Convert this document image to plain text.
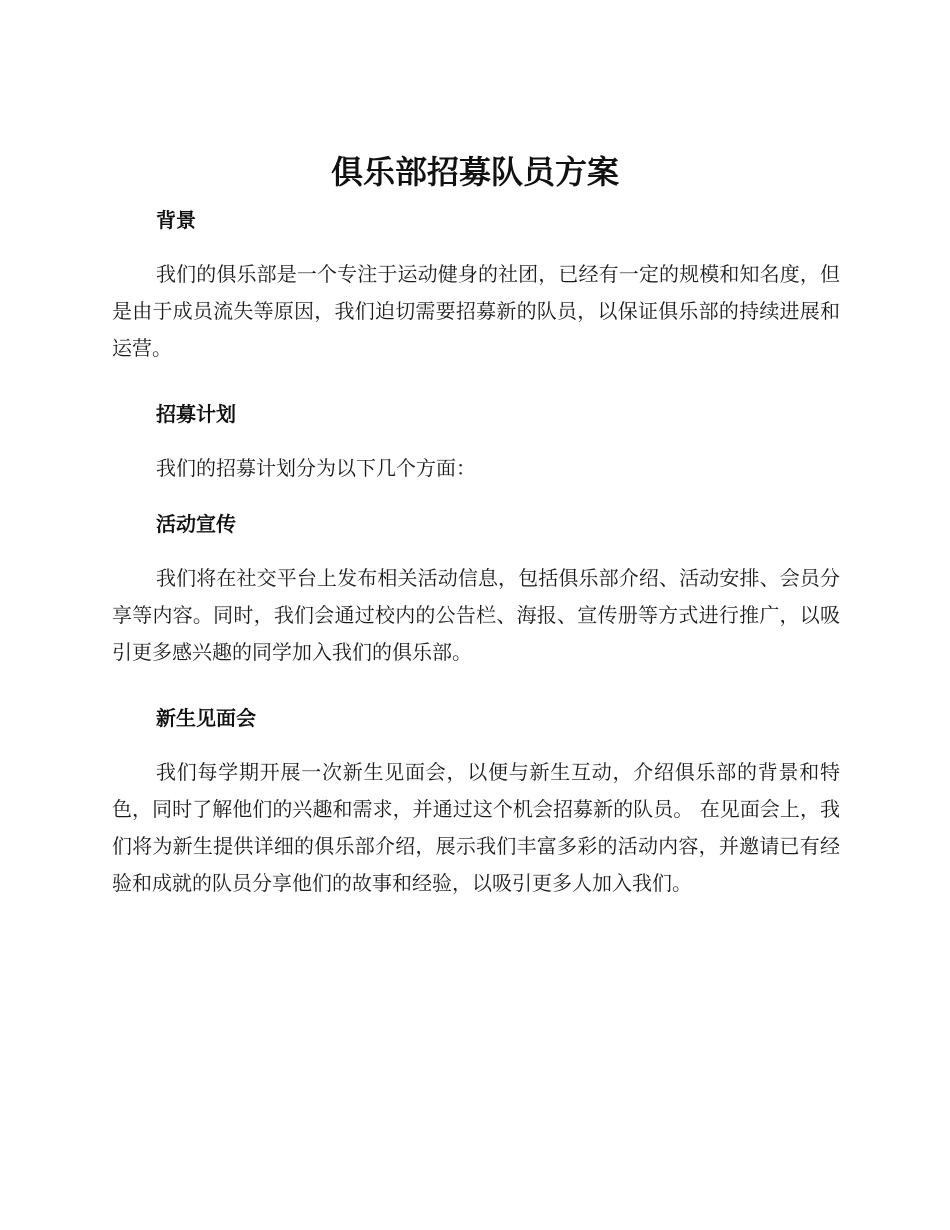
俱乐部招募队员方案
背景

我们的俱乐部是一个专注于运动健身的社团，已经有一定的规模和知名度，但是由于成员流失等原因，我们迫切需要招募新的队员，以保证俱乐部的持续进展和运营。

招募计划

我们的招募计划分为以下几个方面：

活动宣传

我们将在社交平台上发布相关活动信息，包括俱乐部介绍、活动安排、会员分享等内容。同时，我们会通过校内的公告栏、海报、宣传册等方式进行推广，以吸引更多感兴趣的同学加入我们的俱乐部。

新生见面会

我们每学期开展一次新生见面会，以便与新生互动，介绍俱乐部的背景和特色，同时了解他们的兴趣和需求，并通过这个机会招募新的队员。 在见面会上，我们将为新生提供详细的俱乐部介绍，展示我们丰富多彩的活动内容，并邀请已有经验和成就的队员分享他们的故事和经验，以吸引更多人加入我们。
